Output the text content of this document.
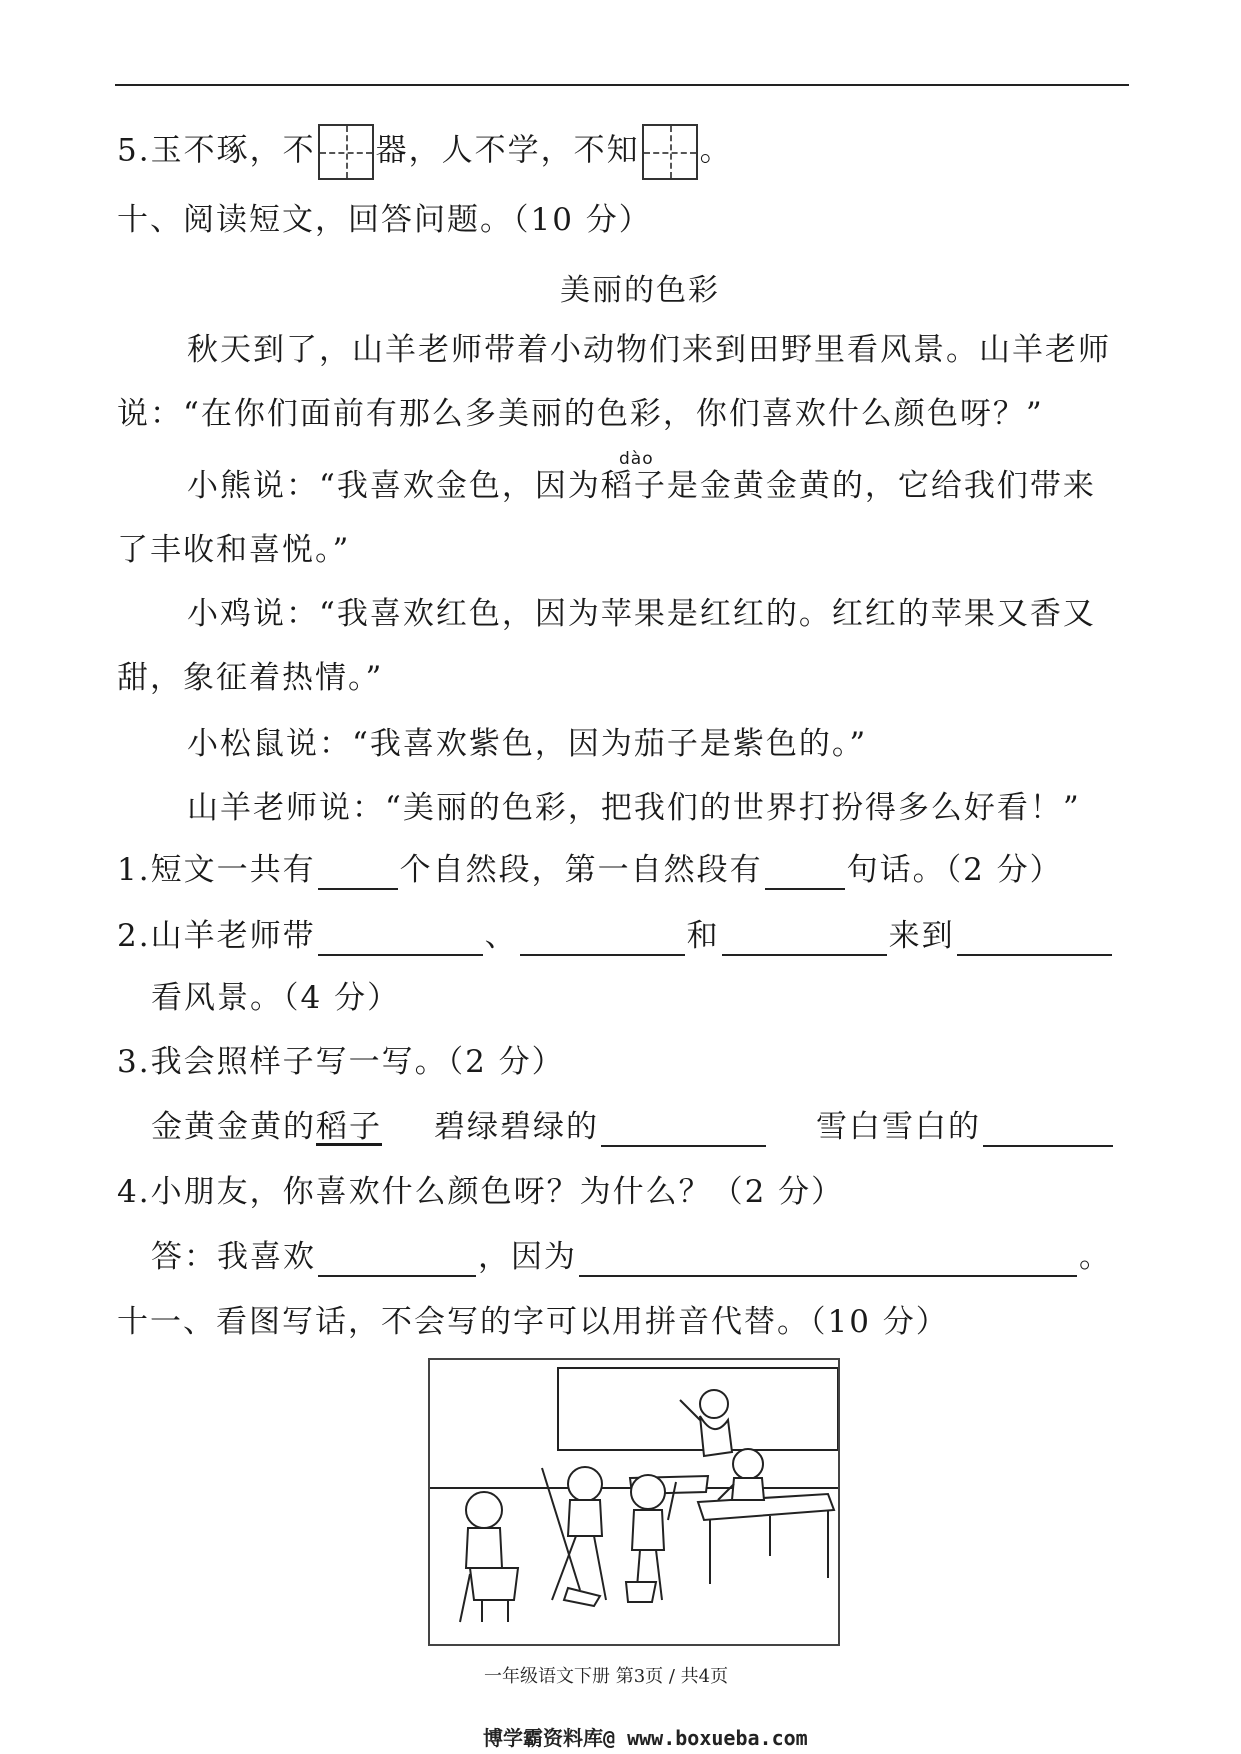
5.玉不琢，不 器，人不学，不知 。
十、阅读短文，回答问题。（10 分）
美丽的色彩
秋天到了，山羊老师带着小动物们来到田野里看风景。山羊老师
说：“在你们面前有那么多美丽的色彩，你们喜欢什么颜色呀？”
dào
小熊说：“我喜欢金色，因为稻子是金黄金黄的，它给我们带来
了丰收和喜悦。”
小鸡说：“我喜欢红色，因为苹果是红红的。红红的苹果又香又
甜，象征着热情。”
小松鼠说：“我喜欢紫色，因为茄子是紫色的。”
山羊老师说：“美丽的色彩，把我们的世界打扮得多么好看！”
1.短文一共有	个自然段，第一自然段有	句话。（2 分）
2.山羊老师带	、	和	来到
看风景。（4 分）
3.我会照样子写一写。（2 分）
金黄金黄的稻子 碧绿碧绿的	雪白雪白的
4.小朋友，你喜欢什么颜色呀？为什么？（2 分）
答：我喜欢	，因为	。
十一、看图写话，不会写的字可以用拼音代替。（10 分）
一年级语文下册 第3页 / 共4页
博学霸资料库@ www.boxueba.com
